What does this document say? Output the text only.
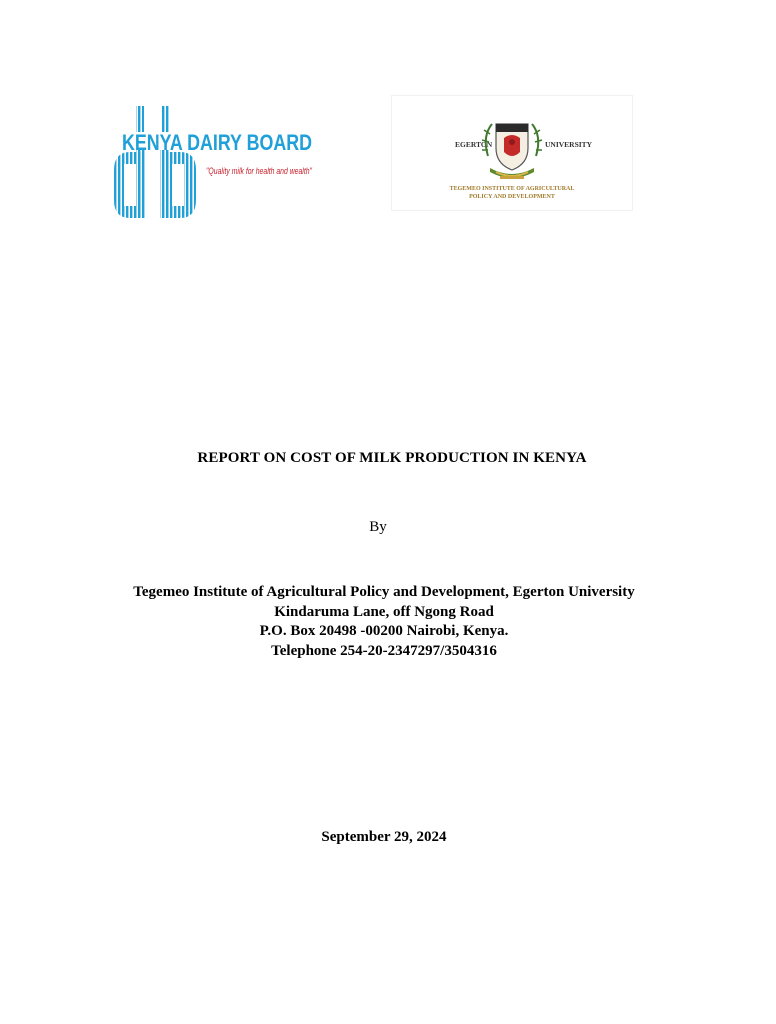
KENYA DAIRY BOARD
"Quality milk for health and wealth"
EGERTON	UNIVERSITY
TEGEMEO INSTITUTE OF AGRICULTURAL
POLICY AND DEVELOPMENT
REPORT ON COST OF MILK PRODUCTION IN KENYA
By
Tegemeo Institute of Agricultural Policy and Development, Egerton University
Kindaruma Lane, off Ngong Road
P.O. Box 20498 -00200 Nairobi, Kenya.
Telephone 254-20-2347297/3504316
September 29, 2024
